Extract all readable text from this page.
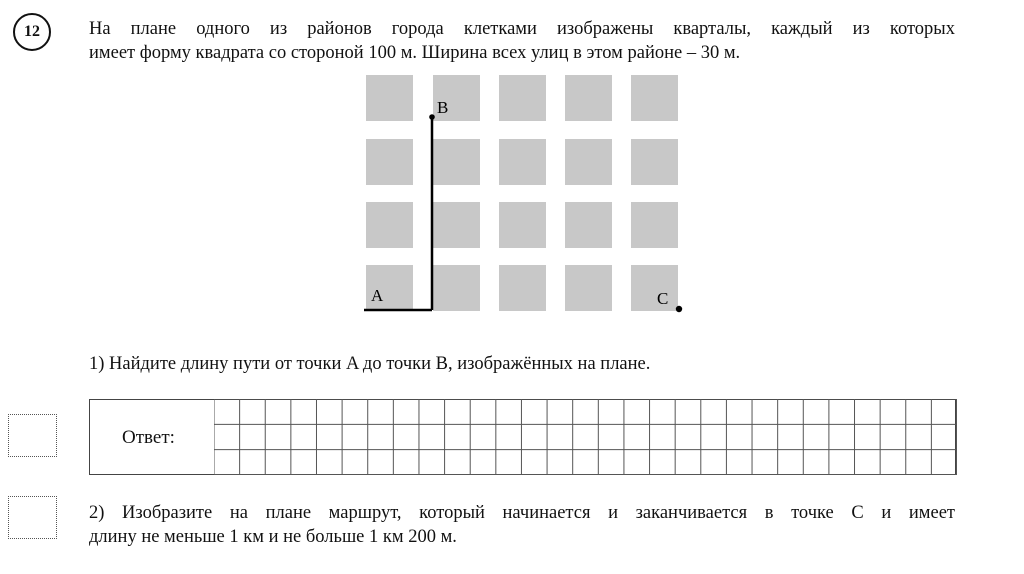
12	На плане одного из районов города клетками изображены кварталы, каждый из которых
имеет форму квадрата со стороной 100 м. Ширина всех улиц в этом районе – 30 м.
A
B
C
1) Найдите длину пути от точки A до точки B, изображённых на плане.
Ответ:
2) Изобразите на плане маршрут, который начинается и заканчивается в точке C и имеет
длину не меньше 1 км и не больше 1 км 200 м.
